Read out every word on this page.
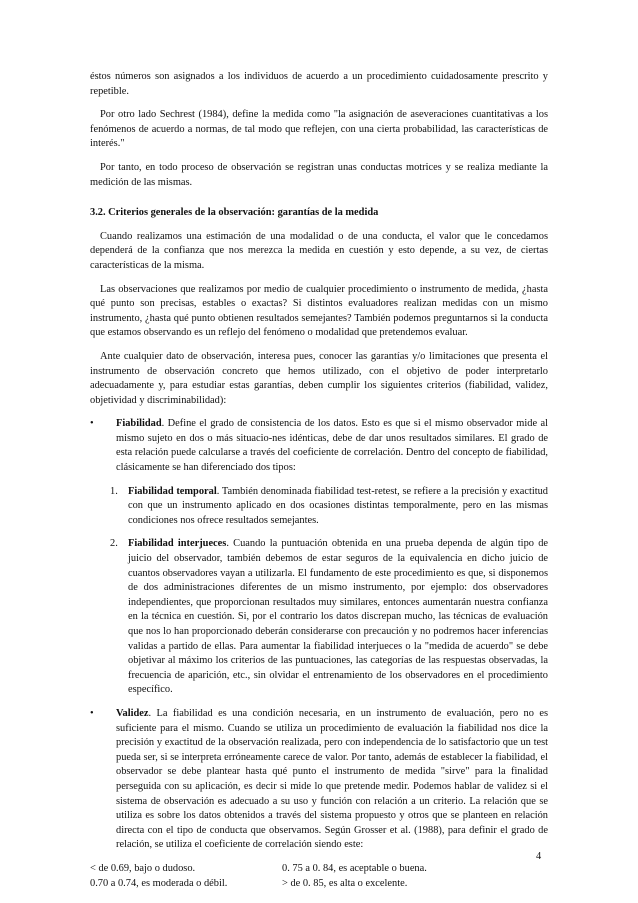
éstos números son asignados a los individuos de acuerdo a un procedimiento cuidadosamente prescrito y repetible.

Por otro lado Sechrest (1984), define la medida como "la asignación de aseveraciones cuantitativas a los fenómenos de acuerdo a normas, de tal modo que reflejen, con una cierta probabilidad, las características de interés."

Por tanto, en todo proceso de observación se registran unas conductas motrices y se realiza mediante la medición de las mismas.

3.2. Criterios generales de la observación: garantías de la medida

Cuando realizamos una estimación de una modalidad o de una conducta, el valor que le concedamos dependerá de la confianza que nos merezca la medida en cuestión y esto depende, a su vez, de ciertas características de la misma.

Las observaciones que realizamos por medio de cualquier procedimiento o instrumento de medida, ¿hasta qué punto son precisas, estables o exactas? Si distintos evaluadores realizan medidas con un mismo instrumento, ¿hasta qué punto obtienen resultados semejantes? También podemos preguntarnos si la conducta que estamos observando es un reflejo del fenómeno o modalidad que pretendemos evaluar.

Ante cualquier dato de observación, interesa pues, conocer las garantías y/o limitaciones que presenta el instrumento de observación concreto que hemos utilizado, con el objetivo de poder interpretarlo adecuadamente y, para estudiar estas garantías, deben cumplir los siguientes criterios (fiabilidad, validez, objetividad y discriminabilidad):

•	Fiabilidad. Define el grado de consistencia de los datos. Esto es que si el mismo observador mide al mismo sujeto en dos o más situacio-nes idénticas, debe de dar unos resultados similares. El grado de esta relación puede calcularse a través del coeficiente de correlación. Dentro del concepto de fiabilidad, clásicamente se han diferenciado dos tipos:
1. Fiabilidad temporal. También denominada fiabilidad test-retest, se refiere a la precisión y exactitud con que un instrumento aplicado en dos ocasiones distintas temporalmente, pero en las mismas condiciones nos ofrece resultados semejantes.
2. Fiabilidad interjueces. Cuando la puntuación obtenida en una prueba dependa de algún tipo de juicio del observador, también debemos de estar seguros de la equivalencia en dicho juicio de cuantos observadores vayan a utilizarla. El fundamento de este procedimiento es que, si disponemos de dos administraciones diferentes de un mismo instrumento, por ejemplo: dos observadores independientes, que proporcionan resultados muy similares, entonces aumentarán nuestra confianza en la técnica en cuestión. Si, por el contrario los datos discrepan mucho, las técnicas de evaluación que nos lo han proporcionado deberán considerarse con precaución y no podremos hacer inferencias validas a partido de ellas. Para aumentar la fiabilidad interjueces o la "medida de acuerdo" se debe objetivar al máximo los criterios de las puntuaciones, las categorías de las respuestas observadas, la frecuencia de aparición, etc., sin olvidar el entrenamiento de los observadores en el procedimiento específico.
•	Validez. La fiabilidad es una condición necesaria, en un instrumento de evaluación, pero no es suficiente para el mismo. Cuando se utiliza un procedimiento de evaluación la fiabilidad nos dice la precisión y exactitud de la observación realizada, pero con independencia de lo satisfactorio que un test pueda ser, si se interpreta erróneamente carece de valor. Por tanto, además de establecer la fiabilidad, el observador se debe plantear hasta qué punto el instrumento de medida "sirve" para la finalidad perseguida con su aplicación, es decir si mide lo que pretende medir. Podemos hablar de validez si el sistema de observación es adecuado a su uso y función con relación a un criterio. La relación que se utiliza es sobre los datos obtenidos a través del sistema propuesto y otros que se planteen en relación directa con el tipo de conducta que observamos. Según Grosser et al. (1988), para definir el grado de relación, se utiliza el coeficiente de correlación siendo este:
< de 0.69, bajo o dudoso.	0. 75 a 0. 84, es aceptable o buena.
0.70 a 0.74, es moderada o débil.	> de 0. 85, es alta o excelente.
4
